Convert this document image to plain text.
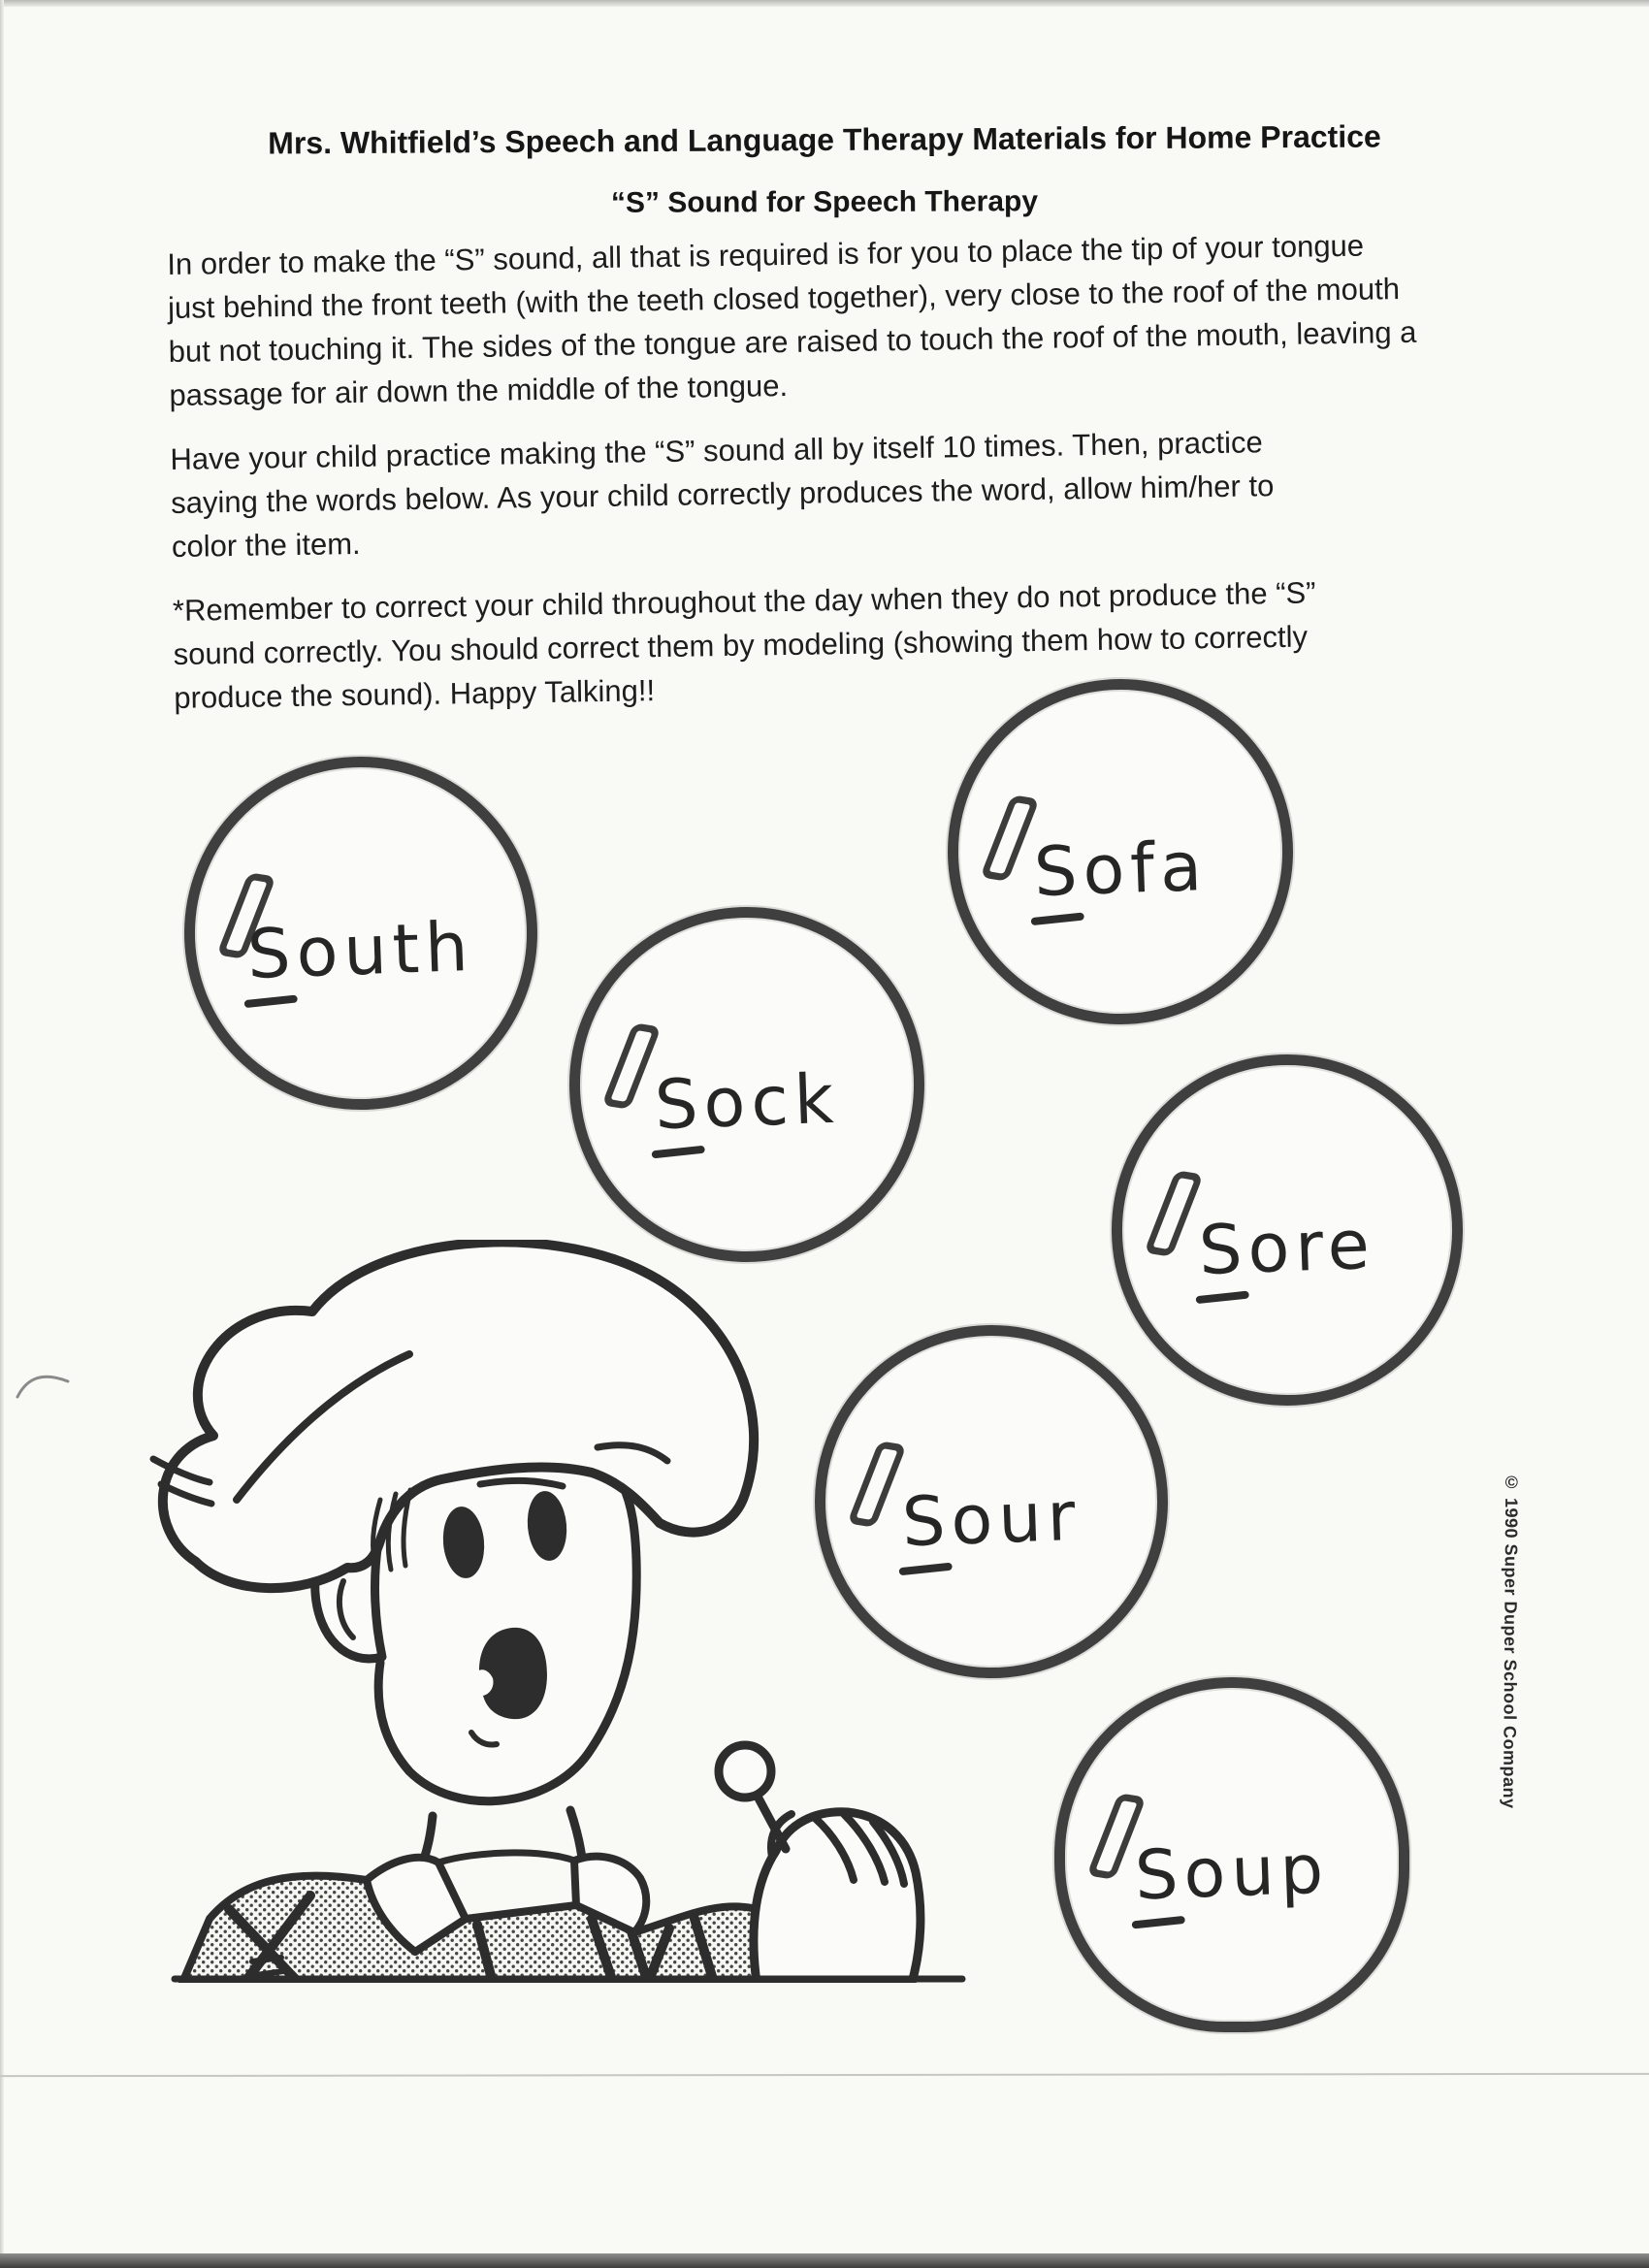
Mrs. Whitfield’s Speech and Language Therapy Materials for Home Practice
“S” Sound for Speech Therapy

In order to make the “S” sound, all that is required is for you to place the tip of your tongue
just behind the front teeth (with the teeth closed together), very close to the roof of the mouth
but not touching it. The sides of the tongue are raised to touch the roof of the mouth, leaving a
passage for air down the middle of the tongue.

Have your child practice making the “S” sound all by itself 10 times. Then, practice
saying the words below. As your child correctly produces the word, allow him/her to
color the item.

*Remember to correct your child throughout the day when they do not produce the “S”
sound correctly. You should correct them by modeling (showing them how to correctly
produce the sound). Happy Talking!!

South
Sofa
Sock
Sore
Sour
Soup
© 1990 Super Duper School Company
